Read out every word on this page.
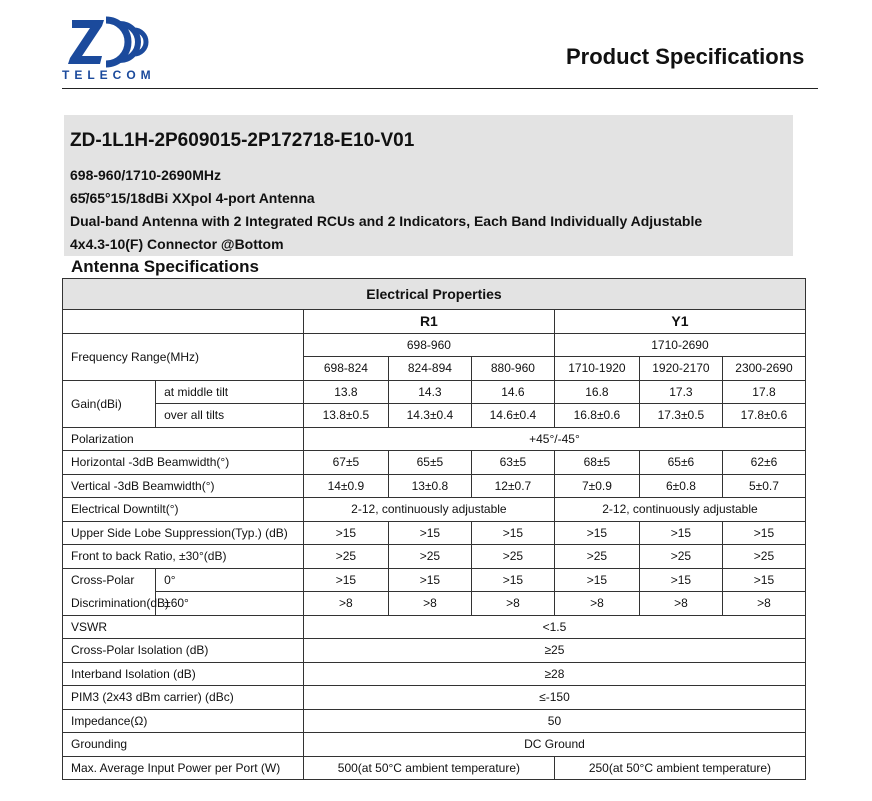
TELECOM
Product Specifications
ZD-1L1H-2P609015-2P172718-E10-V01
698-960/1710-2690MHz
65̂/65°15/18dBi XXpol 4-port Antenna
Dual-band Antenna with 2 Integrated RCUs and 2 Indicators, Each Band Individually Adjustable
4x4.3-10(F) Connector @Bottom
Antenna Specifications
Electrical Properties							
		R1			Y1		
Frequency Range(MHz)		698-960			1710-2690		
		698-824	824-894	880-960	1710-1920	1920-2170	2300-2690
Gain(dBi)	at middle tilt	13.8	14.3	14.6	16.8	17.3	17.8
	over all tilts	13.8±0.5	14.3±0.4	14.6±0.4	16.8±0.6	17.3±0.5	17.8±0.6
Polarization		+45°/-45°					
Horizontal -3dB Beamwidth(°)		67±5	65±5	63±5	68±5	65±6	62±6
Vertical -3dB Beamwidth(°)		14±0.9	13±0.8	12±0.7	7±0.9	6±0.8	5±0.7
Electrical Downtilt(°)		2-12, continuously adjustable			2-12, continuously adjustable		
Upper Side Lobe Suppression(Typ.) (dB)		>15	>15	>15	>15	>15	>15
Front to back Ratio, ±30°(dB)		>25	>25	>25	>25	>25	>25
Cross-Polar	0°	>15	>15	>15	>15	>15	>15
Discrimination(dB)	±60°	>8	>8	>8	>8	>8	>8
VSWR		<1.5					
Cross-Polar Isolation (dB)		≥25					
Interband Isolation (dB)		≥28					
PIM3 (2x43 dBm carrier) (dBc)		≤-150					
Impedance(Ω)		50					
Grounding		DC Ground					
Max. Average Input Power per Port (W)		500(at 50°C ambient temperature)			250(at 50°C ambient temperature)		
